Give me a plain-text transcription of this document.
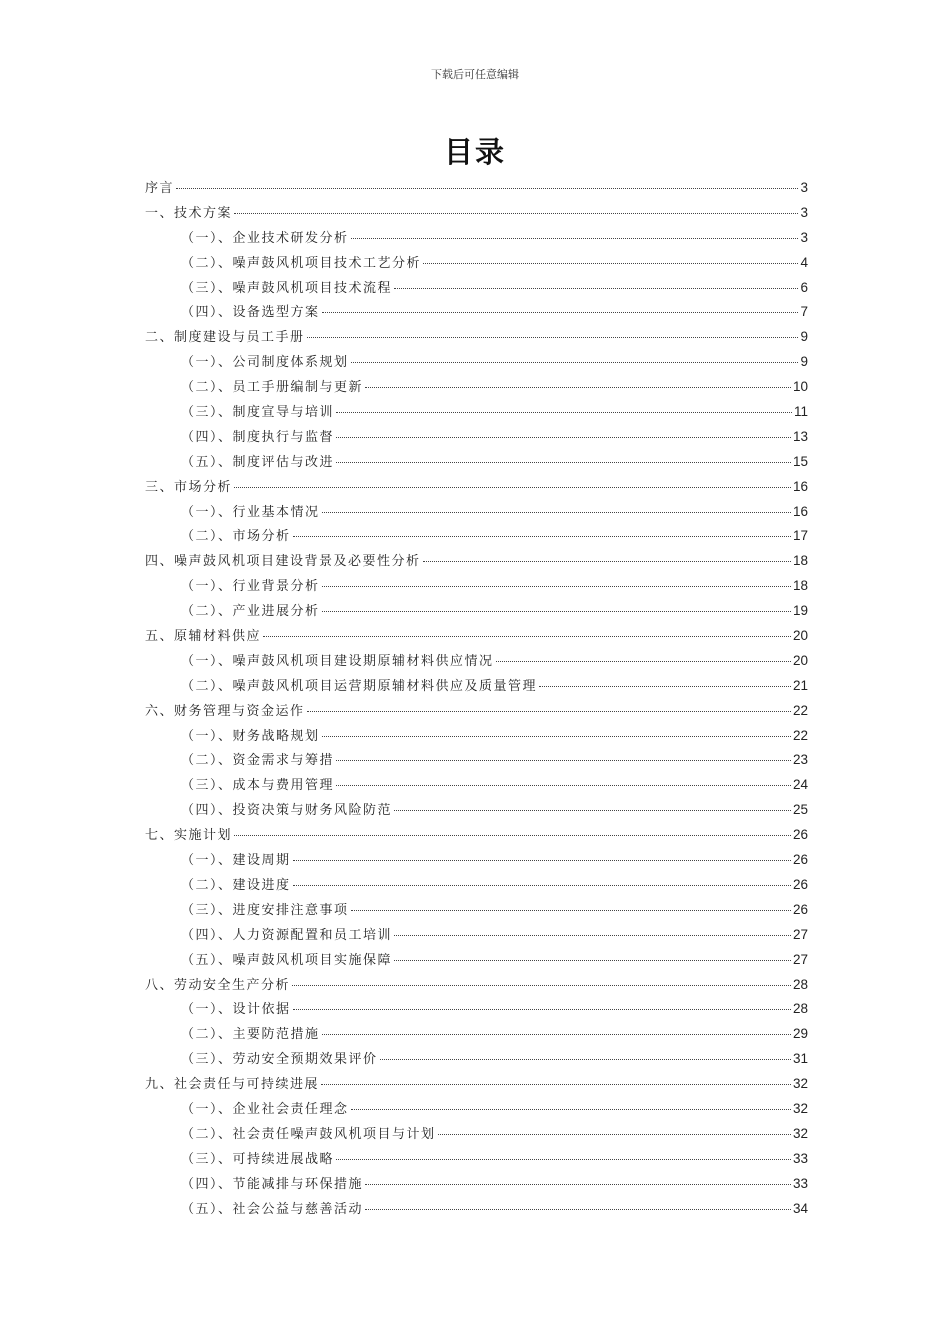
下载后可任意编辑
目录
序言	3
一、技术方案	3
（一）、企业技术研发分析	3
（二）、噪声鼓风机项目技术工艺分析	4
（三）、噪声鼓风机项目技术流程	6
（四）、设备选型方案	7
二、制度建设与员工手册	9
（一）、公司制度体系规划	9
（二）、员工手册编制与更新	10
（三）、制度宣导与培训	11
（四）、制度执行与监督	13
（五）、制度评估与改进	15
三、市场分析	16
（一）、行业基本情况	16
（二）、市场分析	17
四、噪声鼓风机项目建设背景及必要性分析	18
（一）、行业背景分析	18
（二）、产业进展分析	19
五、原辅材料供应	20
（一）、噪声鼓风机项目建设期原辅材料供应情况	20
（二）、噪声鼓风机项目运营期原辅材料供应及质量管理	21
六、财务管理与资金运作	22
（一）、财务战略规划	22
（二）、资金需求与筹措	23
（三）、成本与费用管理	24
（四）、投资决策与财务风险防范	25
七、实施计划	26
（一）、建设周期	26
（二）、建设进度	26
（三）、进度安排注意事项	26
（四）、人力资源配置和员工培训	27
（五）、噪声鼓风机项目实施保障	27
八、劳动安全生产分析	28
（一）、设计依据	28
（二）、主要防范措施	29
（三）、劳动安全预期效果评价	31
九、社会责任与可持续进展	32
（一）、企业社会责任理念	32
（二）、社会责任噪声鼓风机项目与计划	32
（三）、可持续进展战略	33
（四）、节能减排与环保措施	33
（五）、社会公益与慈善活动	34
